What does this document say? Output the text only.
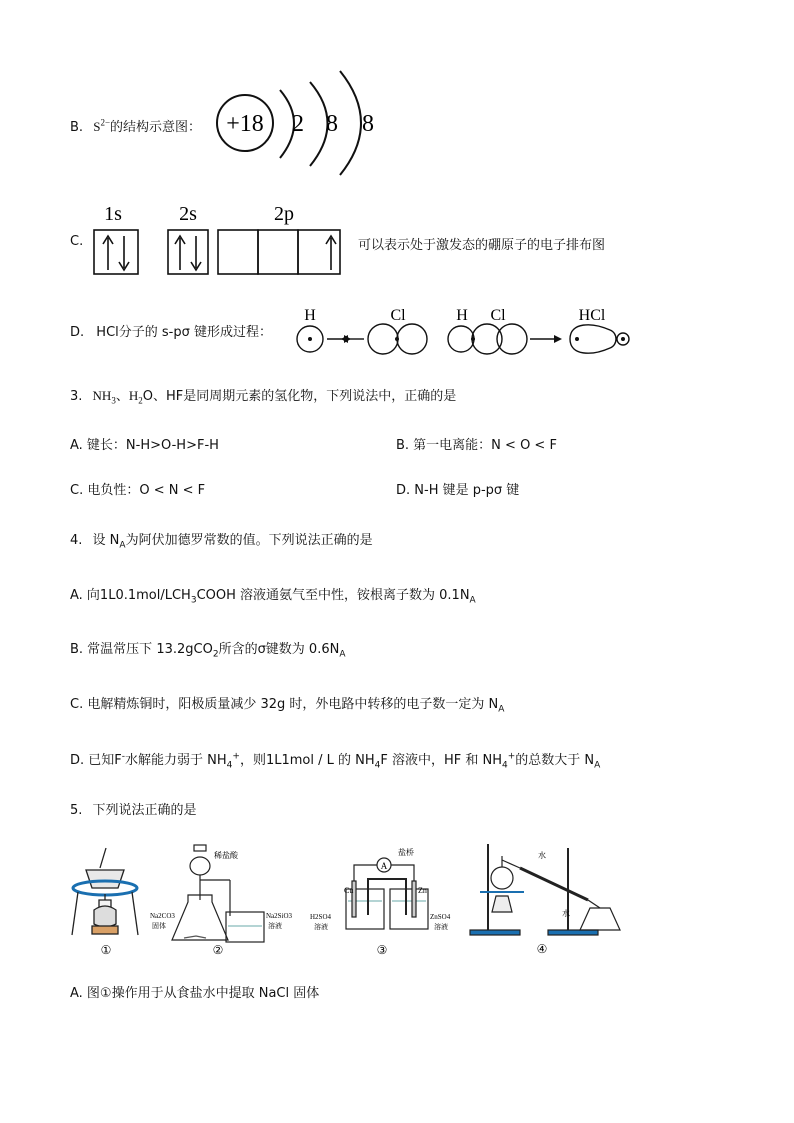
B. $S^{2-}$的结构示意图： +18 2 8 8
C.
1s	2s	2p
可以表示处于激发态的硼原子的电子排布图
D. HCl分子的 s-pσ 键形成过程：
H	Cl	H Cl	HCl
3. $NH_3$、$H_2O$、HF是同周期元素的氢化物，下列说法中，正确的是
A. 键长：N-H>O-H>F-H	B. 第一电离能：N < O < F
C. 电负性：O < N < F	D. N-H 键是 p-pσ 键
4. 设 $N_A$为阿伏加德罗常数的值。下列说法正确的是
A. 向$1L0.1mol/LCH_3COOH$ 溶液通氨气至中性，铵根离子数为 $0.1N_A$
B. 常温常压下 13.2gCO$_2$所含的σ键数为 $0.6N_A$
C. 电解精炼铜时，阳极质量减少 32g 时，外电路中转移的电子数一定为 $N_A$
D. 已知F-水解能力弱于 $NH_4^+$，则1L1mol / L 的 $NH_4F$ 溶液中，HF 和 $NH_4^+$的总数大于 $N_A$
5. 下列说法正确的是
①
稀盐酸
Na2CO3
固体
Na2SiO3
溶液
②
A
盐桥
Cu	Zn
H2SO4
溶液
ZnSO4
溶液
③
水
水
④
A. 图①操作用于从食盐水中提取 NaCl 固体
